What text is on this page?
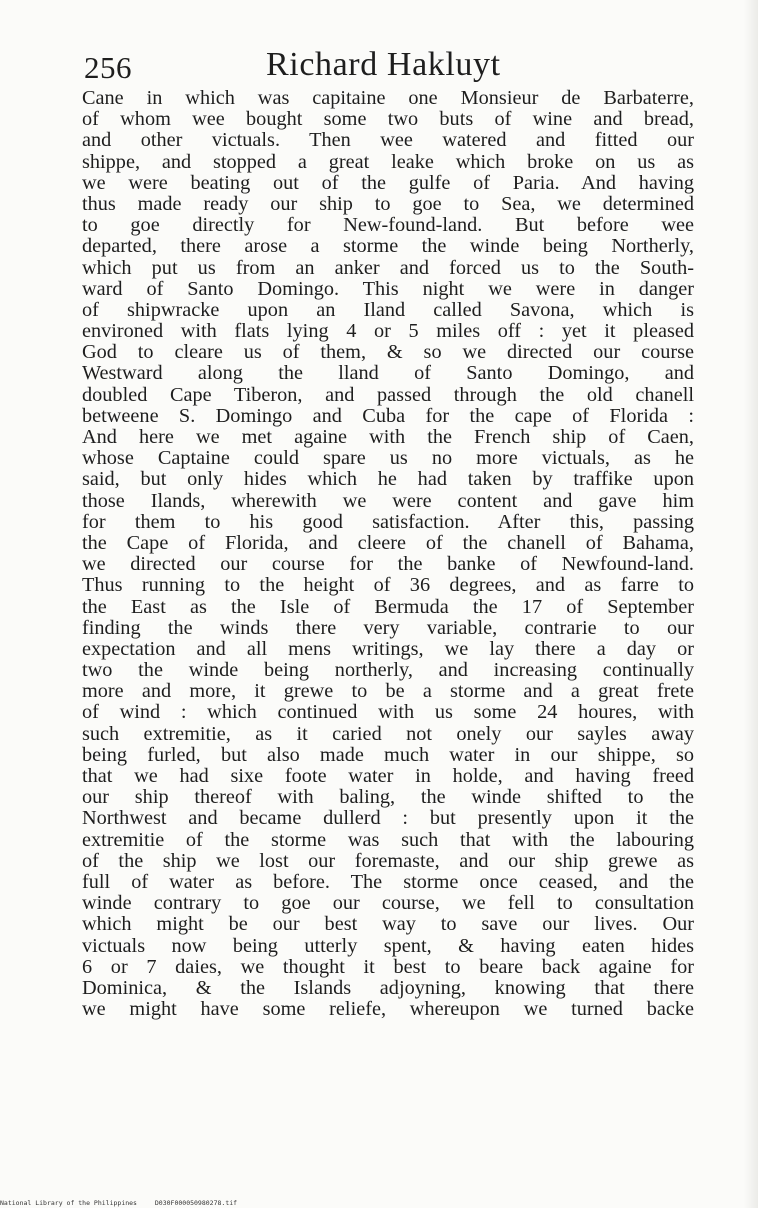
256	Richard Hakluyt
Cane in which was capitaine one Monsieur de Barbaterre,
of whom wee bought some two buts of wine and bread,
and other victuals. Then wee watered and fitted our
shippe, and stopped a great leake which broke on us as
we were beating out of the gulfe of Paria. And having
thus made ready our ship to goe to Sea, we determined
to goe directly for New-found-land. But before wee
departed, there arose a storme the winde being Northerly,
which put us from an anker and forced us to the South-
ward of Santo Domingo. This night we were in danger
of shipwracke upon an Iland called Savona, which is
environed with flats lying 4 or 5 miles off : yet it pleased
God to cleare us of them, & so we directed our course
Westward along the lland of Santo Domingo, and
doubled Cape Tiberon, and passed through the old chanell
betweene S. Domingo and Cuba for the cape of Florida :
And here we met againe with the French ship of Caen,
whose Captaine could spare us no more victuals, as he
said, but only hides which he had taken by traffike upon
those Ilands, wherewith we were content and gave him
for them to his good satisfaction. After this, passing
the Cape of Florida, and cleere of the chanell of Bahama,
we directed our course for the banke of Newfound-land.
Thus running to the height of 36 degrees, and as farre to
the East as the Isle of Bermuda the 17 of September
finding the winds there very variable, contrarie to our
expectation and all mens writings, we lay there a day or
two the winde being northerly, and increasing continually
more and more, it grewe to be a storme and a great frete
of wind : which continued with us some 24 houres, with
such extremitie, as it caried not onely our sayles away
being furled, but also made much water in our shippe, so
that we had sixe foote water in holde, and having freed
our ship thereof with baling, the winde shifted to the
Northwest and became dullerd : but presently upon it the
extremitie of the storme was such that with the labouring
of the ship we lost our foremaste, and our ship grewe as
full of water as before. The storme once ceased, and the
winde contrary to goe our course, we fell to consultation
which might be our best way to save our lives. Our
victuals now being utterly spent, & having eaten hides
6 or 7 daies, we thought it best to beare back againe for
Dominica, & the Islands adjoyning, knowing that there
we might have some reliefe, whereupon we turned backe
National Library of the Philippines	D030F000050980278.tif
